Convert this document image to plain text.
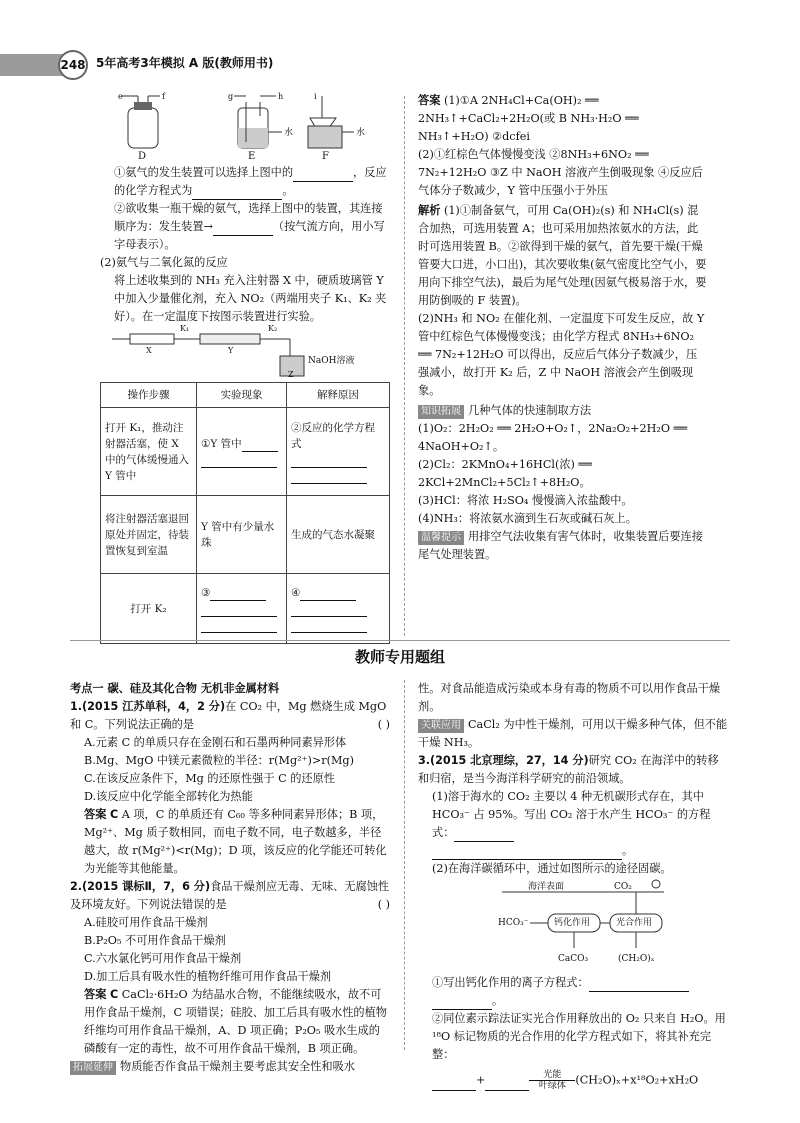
248 5年高考3年模拟 A 版(教师用书)
e	f	g	h	i
水	水
D	E	F

①氨气的发生装置可以选择上图中的	，反应的化学方程式为	。

②欲收集一瓶干燥的氨气，选择上图中的装置，其连接顺序为：发生装置→	（按气流方向，用小写字母表示）。

(2)氨气与二氧化氮的反应

将上述收集到的 NH₃ 充入注射器 X 中，硬质玻璃管 Y 中加入少量催化剂，充入 NO₂（两端用夹子 K₁、K₂ 夹好）。在一定温度下按图示装置进行实验。

K₁	K₂
X	Y
Z
NaOH溶液
操作步骤	实验现象	解释原因
打开 K₁，推动注射器活塞，使 X 中的气体缓慢通入 Y 管中	①Y 管中	②反应的化学方程式

将注射器活塞退回原处并固定，待装置恢复到室温	Y 管中有少量水珠	生成的气态水凝聚
打开 K₂	③	④

答案 (1)①A 2NH₄Cl+Ca(OH)₂ ══ 2NH₃↑+CaCl₂+2H₂O(或 B NH₃·H₂O ══ NH₃↑+H₂O) ②dcfei

(2)①红棕色气体慢慢变浅 ②8NH₃+6NO₂ ══ 7N₂+12H₂O ③Z 中 NaOH 溶液产生倒吸现象 ④反应后气体分子数减少，Y 管中压强小于外压

解析 (1)①制备氨气，可用 Ca(OH)₂(s) 和 NH₄Cl(s) 混合加热，可选用装置 A；也可采用加热浓氨水的方法，此时可选用装置 B。②欲得到干燥的氨气，首先要干燥(干燥管要大口进，小口出)，其次要收集(氨气密度比空气小，要用向下排空气法)，最后为尾气处理(因氨气极易溶于水，要用防倒吸的 F 装置)。

(2)NH₃ 和 NO₂ 在催化剂、一定温度下可发生反应，故 Y 管中红棕色气体慢慢变浅；由化学方程式 8NH₃+6NO₂ ══ 7N₂+12H₂O 可以得出，反应后气体分子数减少，压强减小，故打开 K₂ 后，Z 中 NaOH 溶液会产生倒吸现象。

知识拓展 几种气体的快速制取方法

(1)O₂：2H₂O₂ ══ 2H₂O+O₂↑，2Na₂O₂+2H₂O ══ 4NaOH+O₂↑。

(2)Cl₂：2KMnO₄+16HCl(浓) ══ 2KCl+2MnCl₂+5Cl₂↑+8H₂O。

(3)HCl：将浓 H₂SO₄ 慢慢滴入浓盐酸中。

(4)NH₃：将浓氨水滴到生石灰或碱石灰上。

温馨提示 用排空气法收集有害气体时，收集装置后要连接尾气处理装置。

教师专用题组

考点一 碳、硅及其化合物 无机非金属材料

1.(2015 江苏单科，4，2 分)在 CO₂ 中，Mg 燃烧生成 MgO 和 C。下列说法正确的是	( )

A.元素 C 的单质只存在金刚石和石墨两种同素异形体

B.Mg、MgO 中镁元素微粒的半径：r(Mg²⁺)>r(Mg)

C.在该反应条件下，Mg 的还原性强于 C 的还原性

D.该反应中化学能全部转化为热能

答案 C A 项，C 的单质还有 C₆₀ 等多种同素异形体；B 项，Mg²⁺、Mg 质子数相同，而电子数不同，电子数越多，半径越大，故 r(Mg²⁺)<r(Mg)；D 项，该反应的化学能还可转化为光能等其他能量。

2.(2015 课标Ⅱ，7，6 分)食品干燥剂应无毒、无味、无腐蚀性及环境友好。下列说法错误的是	( )

A.硅胶可用作食品干燥剂

B.P₂O₅ 不可用作食品干燥剂

C.六水氯化钙可用作食品干燥剂

D.加工后具有吸水性的植物纤维可用作食品干燥剂

答案 C CaCl₂·6H₂O 为结晶水合物，不能继续吸水，故不可用作食品干燥剂，C 项错误；硅胶、加工后具有吸水性的植物纤维均可用作食品干燥剂，A、D 项正确；P₂O₅ 吸水生成的磷酸有一定的毒性，故不可用作食品干燥剂，B 项正确。

拓展延伸 物质能否作食品干燥剂主要考虑其安全性和吸水

性。对食品能造成污染或本身有毒的物质不可以用作食品干燥剂。

关联应用 CaCl₂ 为中性干燥剂，可用以干燥多种气体，但不能干燥 NH₃。

3.(2015 北京理综，27，14 分)研究 CO₂ 在海洋中的转移和归宿，是当今海洋科学研究的前沿领域。

(1)溶于海水的 CO₂ 主要以 4 种无机碳形式存在，其中 HCO₃⁻ 占 95%。写出 CO₂ 溶于水产生 HCO₃⁻ 的方程式：
。

(2)在海洋碳循环中，通过如图所示的途径固碳。

海洋表面	CO₂
HCO₃⁻	钙化作用	光合作用
CaCO₃	(CH₂O)ₓ

①写出钙化作用的离子方程式：
。

②同位素示踪法证实光合作用释放出的 O₂ 只来自 H₂O。用¹⁸O 标记物质的光合作用的化学方程式如下，将其补充完整：

+	$\frac{\text{光能}}{\text{叶绿体}} (CH_2O)_x+x^{18}O_2+xH_2O$
